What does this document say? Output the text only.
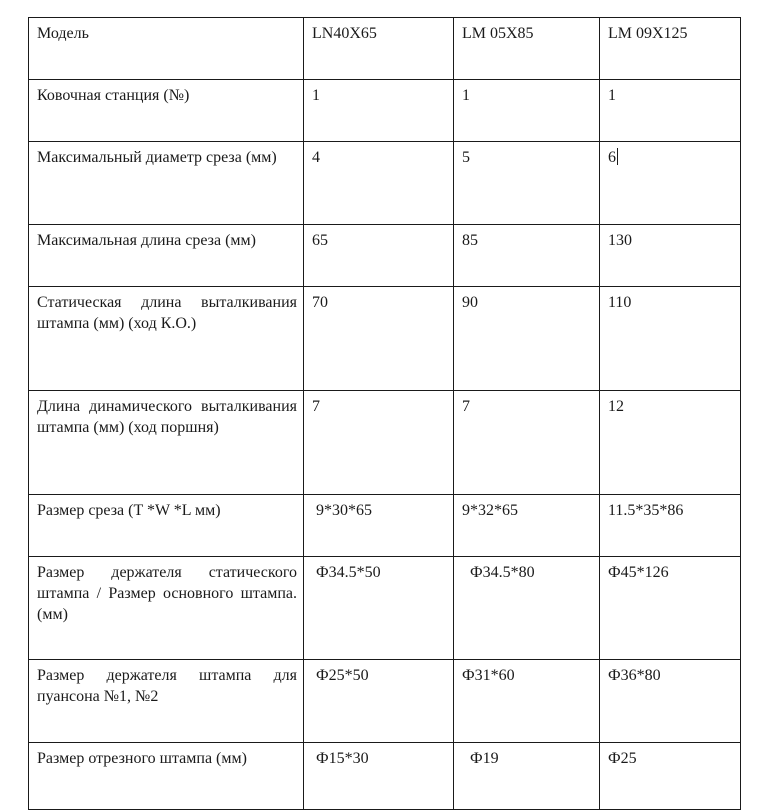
Модель	LN40X65	LM 05X85	LM 09X125
Ковочная станция (№)	1	1	1
Максимальный диаметр среза (мм)	4	5	6
Максимальная длина среза (мм)	65	85	130
Статическая длина выталкивания штампа (мм) (ход К.О.)	70	90	110
Длина динамического выталкивания штампа (мм) (ход поршня)	7	7	12
Размер среза (T *W *L мм)	9*30*65	9*32*65	11.5*35*86
Размер держателя статического штампа / Размер основного штампа. (мм)	Ф34.5*50	Ф34.5*80	Ф45*126
Размер держателя штампа для пуансона №1, №2	Ф25*50	Ф31*60	Ф36*80
Размер отрезного штампа (мм)	Ф15*30	Ф19	Ф25
